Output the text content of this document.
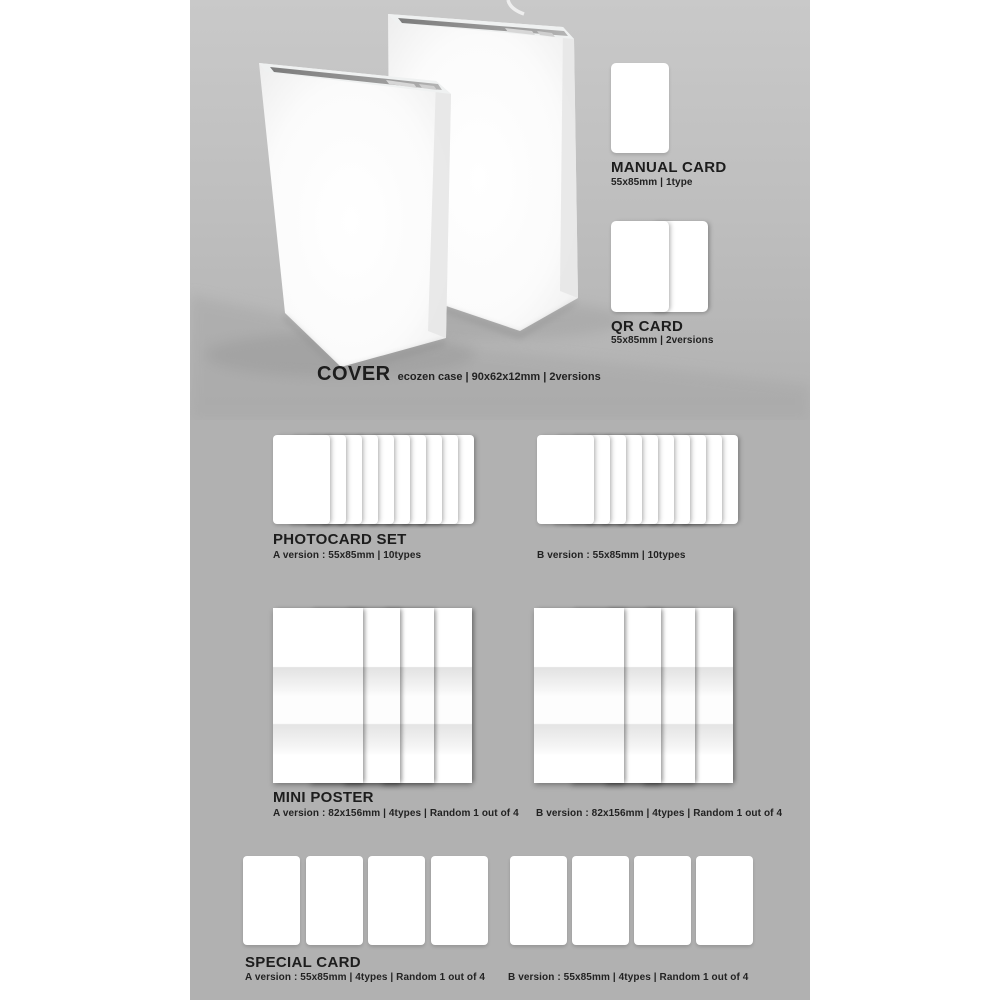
COVER ecozen case | 90x62x12mm | 2versions
MANUAL CARD
55x85mm | 1type
QR CARD
55x85mm | 2versions
PHOTOCARD SET
A version : 55x85mm | 10types	B version : 55x85mm | 10types
MINI POSTER
A version : 82x156mm | 4types | Random 1 out of 4 B version : 82x156mm | 4types | Random 1 out of 4
SPECIAL CARD
A version : 55x85mm | 4types | Random 1 out of 4 B version : 55x85mm | 4types | Random 1 out of 4
